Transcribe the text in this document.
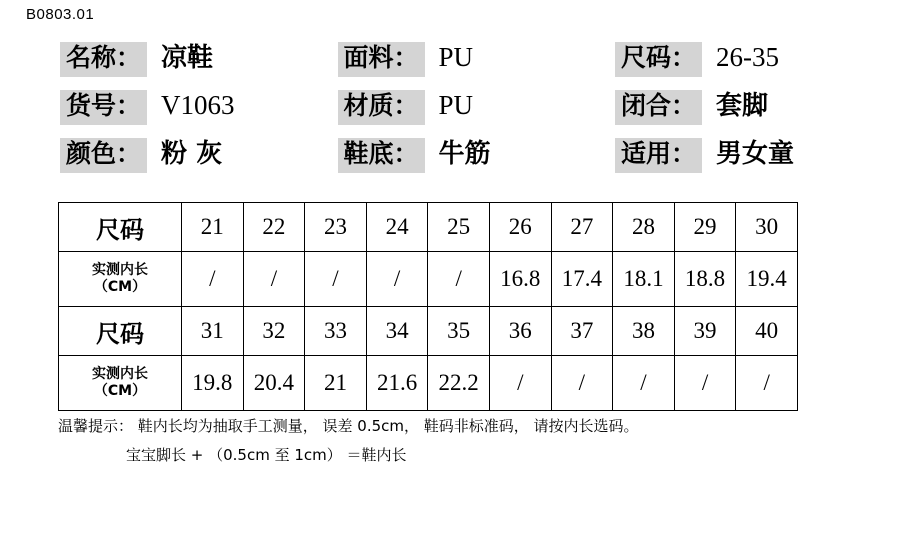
B0803.01
名称： 凉鞋
货号： V1063
颜色： 粉 灰
面料： PU
材质： PU
鞋底： 牛筋
尺码： 26-35
闭合： 套脚
适用： 男女童
尺码	21	22	23	24	25	26	27	28	29	30

实测内长
（CM）	/	/	/	/	/	16.8	17.4	18.1	18.8	19.4
尺码	31	32	33	34	35	36	37	38	39	40

实测内长
（CM）	19.8	20.4	21	21.6	22.2	/	/	/	/	/
温馨提示： 鞋内长均为抽取手工测量， 误差 0.5cm， 鞋码非标准码， 请按内长选码。
宝宝脚长 + （0.5cm 至 1cm） ＝鞋内长
